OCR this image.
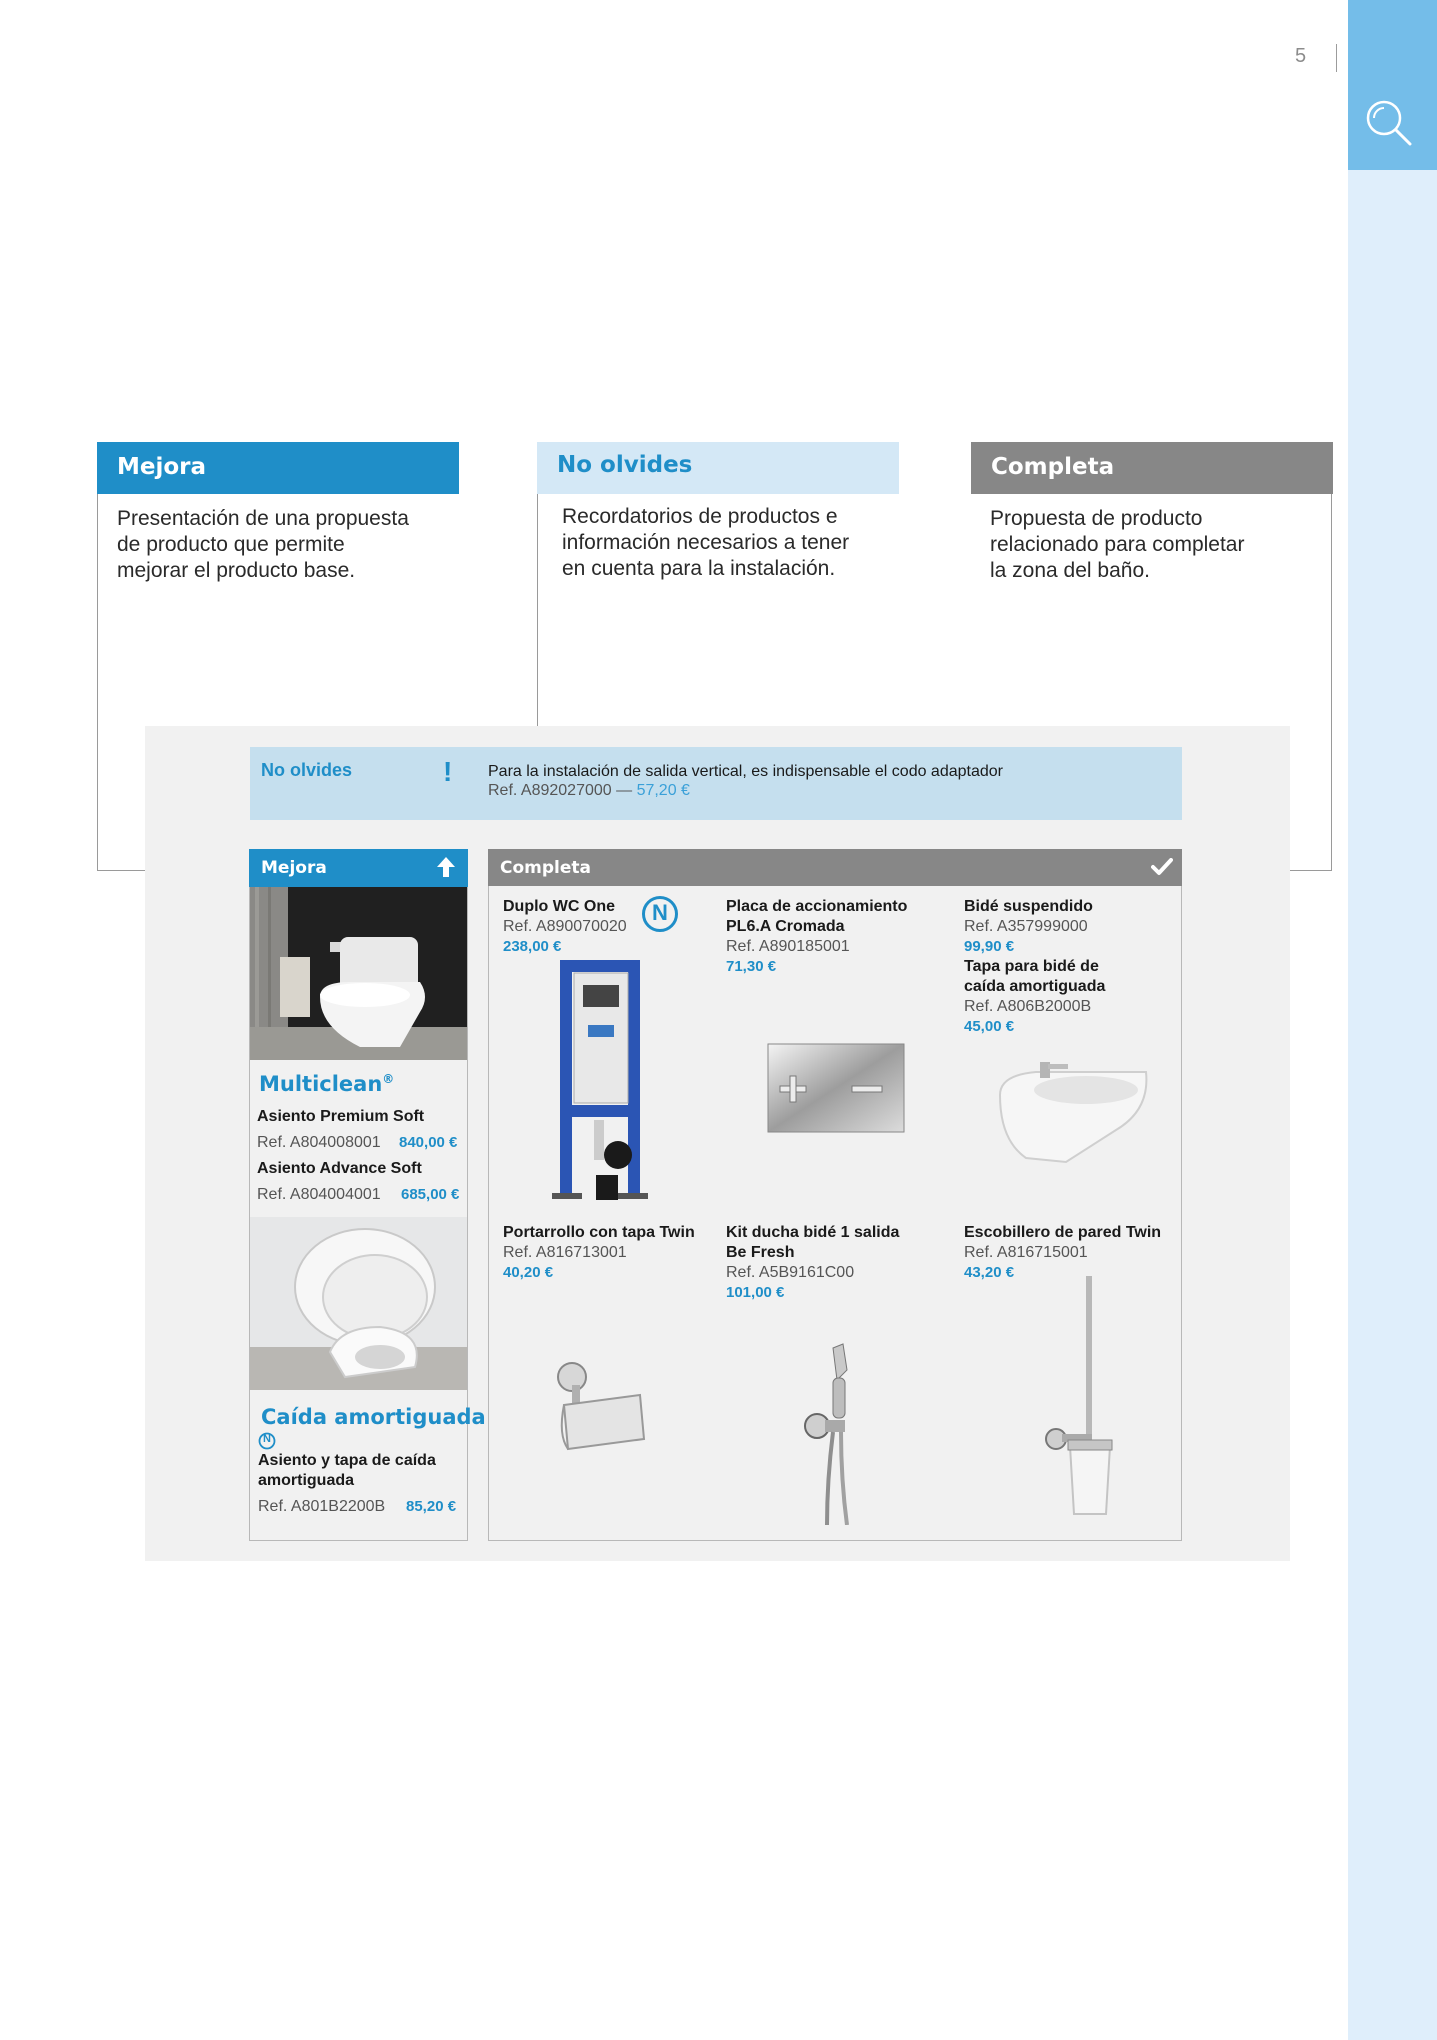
5
Mejora
Presentación de una propuesta
de producto que permite
mejorar el producto base.
No olvides
Recordatorios de productos e
información necesarios a tener
en cuenta para la instalación.
Completa
Propuesta de producto
relacionado para completar
la zona del baño.
No olvides	! Para la instalación de salida vertical, es indispensable el codo adaptador
Ref. A892027000 — 57,20 €
Mejora
Multiclean®
Asiento Premium Soft
Ref. A804008001 840,00 €
Asiento Advance Soft
Ref. A804004001 685,00 €
Caída amortiguada
N
Asiento y tapa de caída
amortiguada
Ref. A801B2200B 85,20 €
Completa
Duplo WC One
Ref. A890070020
238,00 €
N	Placa de accionamiento
PL6.A Cromada
Ref. A890185001
71,30 €
Bidé suspendido
Ref. A357999000
99,90 €
Tapa para bidé de
caída amortiguada
Ref. A806B2000B
45,00 €
Portarrollo con tapa Twin
Ref. A816713001
40,20 €
Kit ducha bidé 1 salida
Be Fresh
Ref. A5B9161C00
101,00 €
Escobillero de pared Twin
Ref. A816715001
43,20 €
